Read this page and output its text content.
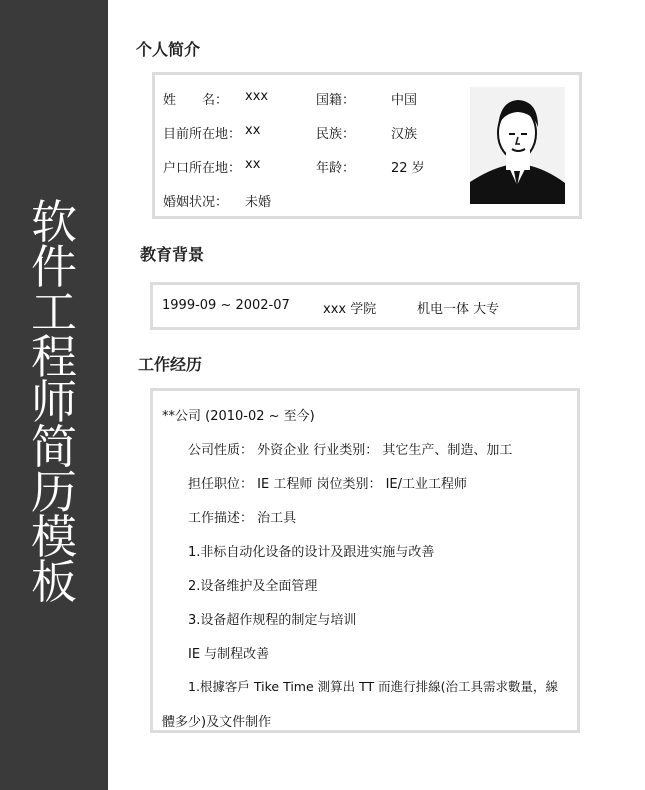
软件工程师简历模板
个人简介
姓　　名： xxx	国籍：	中国
目前所在地： xx	民族：	汉族
户口所在地： xx	年龄：	22 岁
婚姻状况： 未婚
教育背景
1999-09 ~ 2002-07	xxx 学院	机电一体 大专
工作经历
**公司 (2010-02 ~ 至今)
公司性质： 外资企业 行业类别： 其它生产、制造、加工
担任职位： IE 工程师 岗位类别： IE/工业工程师
工作描述： 治工具
1.非标自动化设备的设计及跟进实施与改善
2.设备维护及全面管理
3.设备超作规程的制定与培训
IE 与制程改善
1.根據客戶 Tike Time 測算出 TT 而進行排線(治工具需求數量，線
體多少)及文件制作
